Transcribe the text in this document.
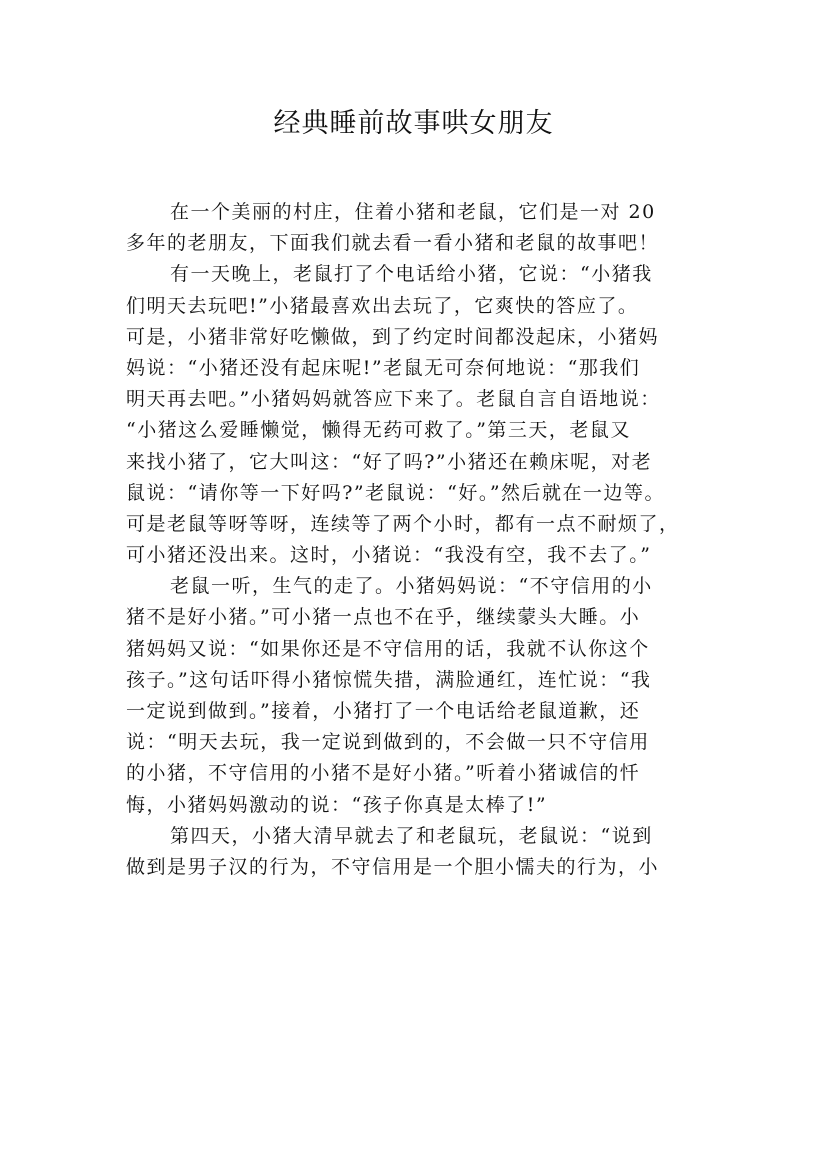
经典睡前故事哄女朋友
在一个美丽的村庄，住着小猪和老鼠，它们是一对 20
多年的老朋友，下面我们就去看一看小猪和老鼠的故事吧！
有一天晚上，老鼠打了个电话给小猪，它说：“小猪我
们明天去玩吧!”小猪最喜欢出去玩了，它爽快的答应了。
可是，小猪非常好吃懒做，到了约定时间都没起床，小猪妈
妈说：“小猪还没有起床呢!”老鼠无可奈何地说：“那我们
明天再去吧。”小猪妈妈就答应下来了。老鼠自言自语地说：
“小猪这么爱睡懒觉，懒得无药可救了。”第三天，老鼠又
来找小猪了，它大叫这：“好了吗?”小猪还在赖床呢，对老
鼠说：“请你等一下好吗?”老鼠说：“好。”然后就在一边等。
可是老鼠等呀等呀，连续等了两个小时，都有一点不耐烦了，
可小猪还没出来。这时，小猪说：“我没有空，我不去了。”
老鼠一听，生气的走了。小猪妈妈说：“不守信用的小
猪不是好小猪。”可小猪一点也不在乎，继续蒙头大睡。小
猪妈妈又说：“如果你还是不守信用的话，我就不认你这个
孩子。”这句话吓得小猪惊慌失措，满脸通红，连忙说：“我
一定说到做到。”接着，小猪打了一个电话给老鼠道歉，还
说：“明天去玩，我一定说到做到的，不会做一只不守信用
的小猪，不守信用的小猪不是好小猪。”听着小猪诚信的忏
悔，小猪妈妈激动的说：“孩子你真是太棒了!”
第四天，小猪大清早就去了和老鼠玩，老鼠说：“说到
做到是男子汉的行为，不守信用是一个胆小懦夫的行为，小
